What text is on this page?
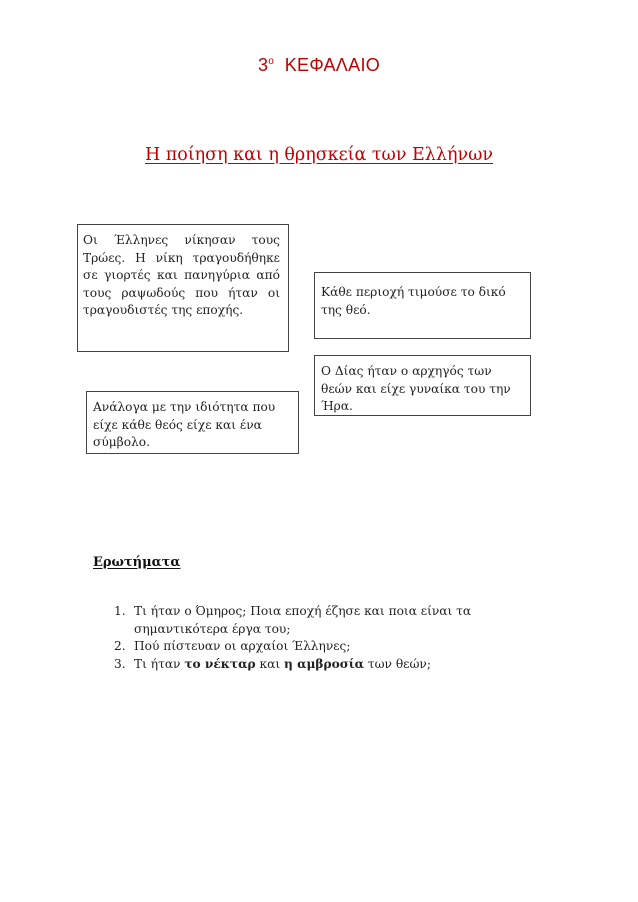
$3^o$ ΚΕΦΑΛΑΙΟ
Η ποίηση και η θρησκεία των Ελλήνων

Οι Έλληνες νίκησαν τους Τρώες. Η νίκη τραγουδήθηκε σε γιορτές και πανηγύρια από τους ραψωδούς που ήταν οι τραγουδιστές της εποχής.

Κάθε περιοχή τιμούσε το δικό της θεό.

Ο Δίας ήταν ο αρχηγός των θεών και είχε γυναίκα του την Ήρα.

Ανάλογα με την ιδιότητα που είχε κάθε θεός είχε και ένα σύμβολο.

Ερωτήματα
1. Τι ήταν ο Όμηρος; Ποια εποχή έζησε και ποια είναι τα σημαντικότερα έργα του;
2. Πού πίστευαν οι αρχαίοι Έλληνες;
3. Τι ήταν το νέκταρ και η αμβροσία των θεών;
